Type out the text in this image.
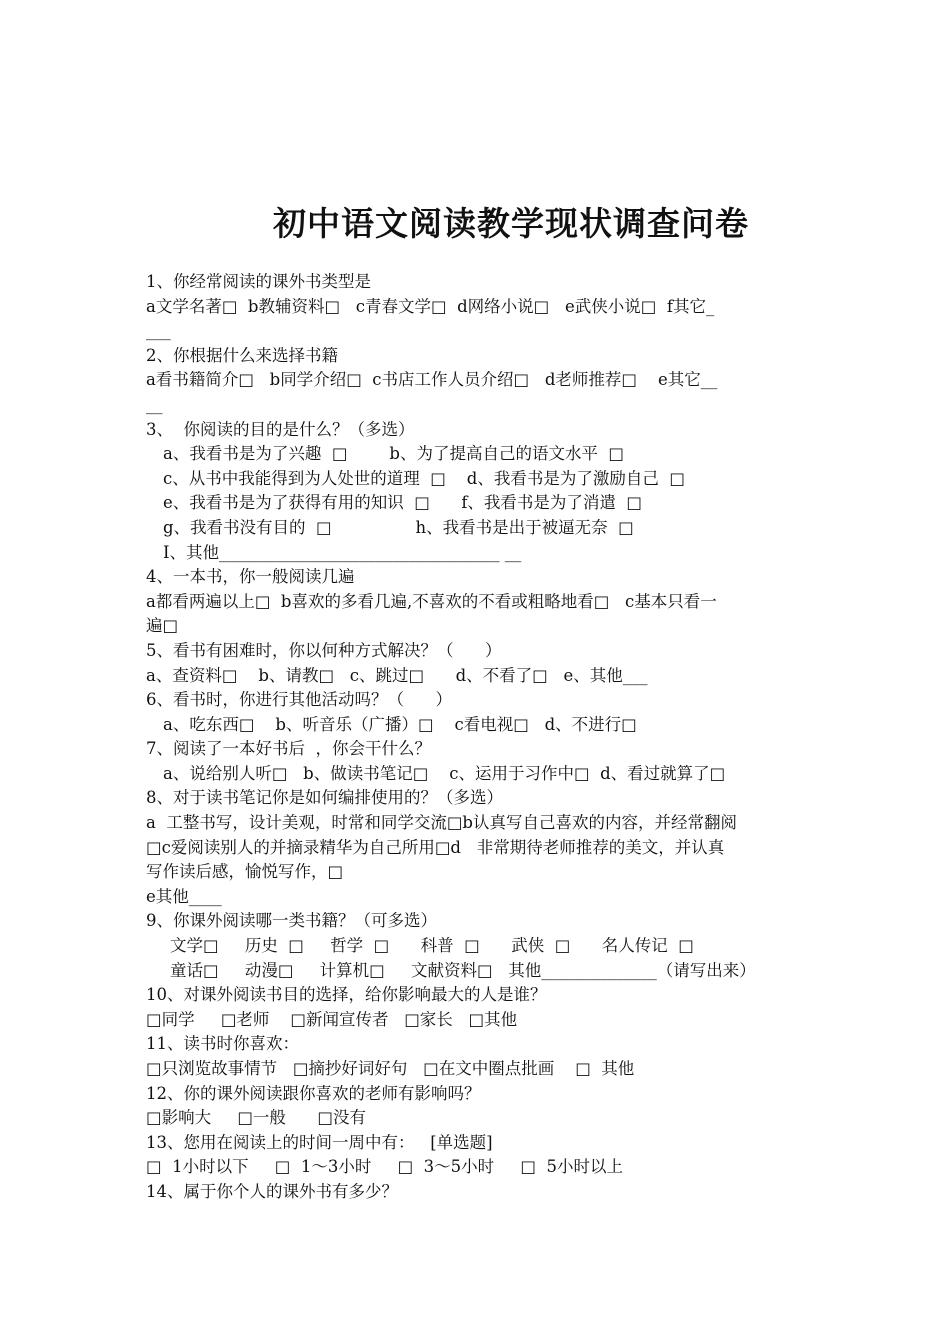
初中语文阅读教学现状调查问卷
1、你经常阅读的课外书类型是
a文学名著□  b教辅资料□   c青春文学□  d网络小说□   e武侠小说□  f其它_
___
2、你根据什么来选择书籍
a看书籍简介□   b同学介绍□  c书店工作人员介绍□   d老师推荐□    e其它__
__
3、  你阅读的目的是什么？（多选）
a、我看书是为了兴趣  □        b、为了提高自己的语文水平  □
c、从书中我能得到为人处世的道理  □    d、我看书是为了激励自己  □
e、我看书是为了获得有用的知识  □      f、我看书是为了消遣  □
g、我看书没有目的  □                h、我看书是出于被逼无奈  □
I、其他__________________________________ __
4、一本书，你一般阅读几遍
a都看两遍以上□  b喜欢的多看几遍,不喜欢的不看或粗略地看□   c基本只看一
遍□
5、看书有困难时，你以何种方式解决？（      ）
a、查资料□    b、请教□   c、跳过□      d、不看了□   e、其他___
6、看书时，你进行其他活动吗？（      ）
a、吃东西□    b、听音乐（广播）□    c看电视□   d、不进行□
7、阅读了一本好书后  ，你会干什么？
a、说给别人听□   b、做读书笔记□    c、运用于习作中□  d、看过就算了□
8、对于读书笔记你是如何编排使用的？（多选）
a  工整书写，设计美观，时常和同学交流□b认真写自己喜欢的内容，并经常翻阅
□c爱阅读别人的并摘录精华为自己所用□d   非常期待老师推荐的美文，并认真
写作读后感，愉悦写作，□
e其他____
9、你课外阅读哪一类书籍？（可多选）
文学□     历史  □     哲学  □      科普  □      武侠  □      名人传记  □
童话□     动漫□     计算机□     文献资料□   其他______________（请写出来）
10、对课外阅读书目的选择，给你影响最大的人是谁？
□同学     □老师    □新闻宣传者   □家长   □其他
11、读书时你喜欢：
□只浏览故事情节   □摘抄好词好句   □在文中圈点批画    □  其他
12、你的课外阅读跟你喜欢的老师有影响吗？
□影响大     □一般      □没有
13、您用在阅读上的时间一周中有：   [单选题]
□  1小时以下     □  1～3小时     □  3～5小时     □  5小时以上
14、属于你个人的课外书有多少？
